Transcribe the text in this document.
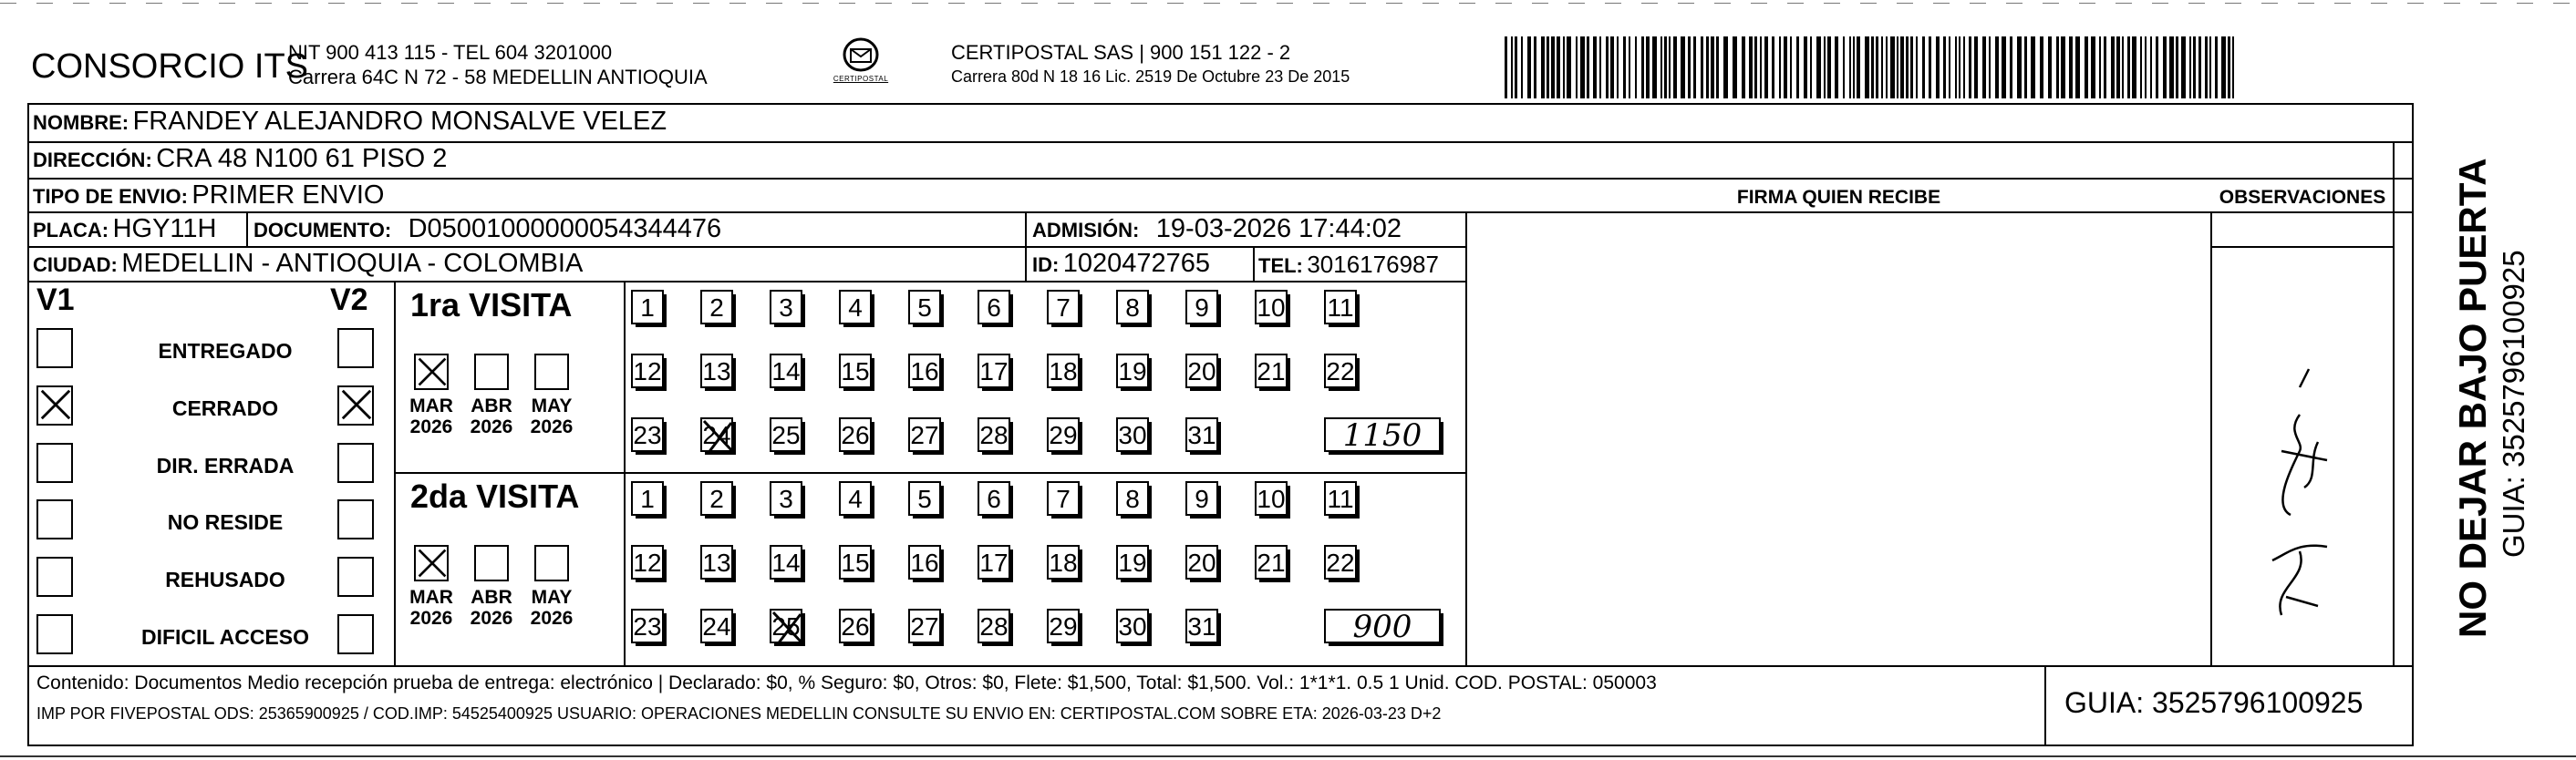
CONSORCIO ITS
NIT 900 413 115 - TEL 604 3201000
Carrera 64C N 72 - 58 MEDELLIN ANTIOQUIA	CERTIPOSTAL
CERTIPOSTAL SAS | 900 151 122 - 2
Carrera 80d N 18 16 Lic. 2519 De Octubre 23 De 2015
NOMBRE: FRANDEY ALEJANDRO MONSALVE VELEZ
DIRECCIÓN: CRA 48 N100 61 PISO 2
TIPO DE ENVIO: PRIMER ENVIO
PLACA: HGY11H DOCUMENTO: D05001000000054344476	ADMISIÓN: 19-03-2026 17:44:02
CIUDAD: MEDELLIN - ANTIOQUIA - COLOMBIA	ID: 1020472765 TEL: 3016176987
FIRMA QUIEN RECIBE	OBSERVACIONES
V1	V2
ENTREGADO
CERRADO
DIR. ERRADA
NO RESIDE
REHUSADO
DIFICIL ACCESO
1ra VISITA
MAR
2026
ABR
2026
MAY
2026
1	2	3	4	5	6	7	8	9	10 11
12 13 14 15 16 17 18 19 20 21 22
23 24 25 26 27 28 29 30 31	1150
2da VISITA
MAR
2026
ABR
2026
MAY
2026
1	2	3	4	5	6	7	8	9	10 11
12 13 14 15 16 17 18 19 20 21 22
23 24 25 26 27 28 29 30 31	900
Contenido: Documentos Medio recepción prueba de entrega: electrónico | Declarado: $0, % Seguro: $0, Otros: $0, Flete: $1,500, Total: $1,500. Vol.: 1*1*1. 0.5 1 Unid. COD. POSTAL: 050003
IMP POR FIVEPOSTAL ODS: 25365900925 / COD.IMP: 54525400925 USUARIO: OPERACIONES MEDELLIN CONSULTE SU ENVIO EN: CERTIPOSTAL.COM SOBRE ETA: 2026-03-23 D+2	GUIA: 3525796100925
NO DEJAR BAJO PUERTA GUIA: 3525796100925
